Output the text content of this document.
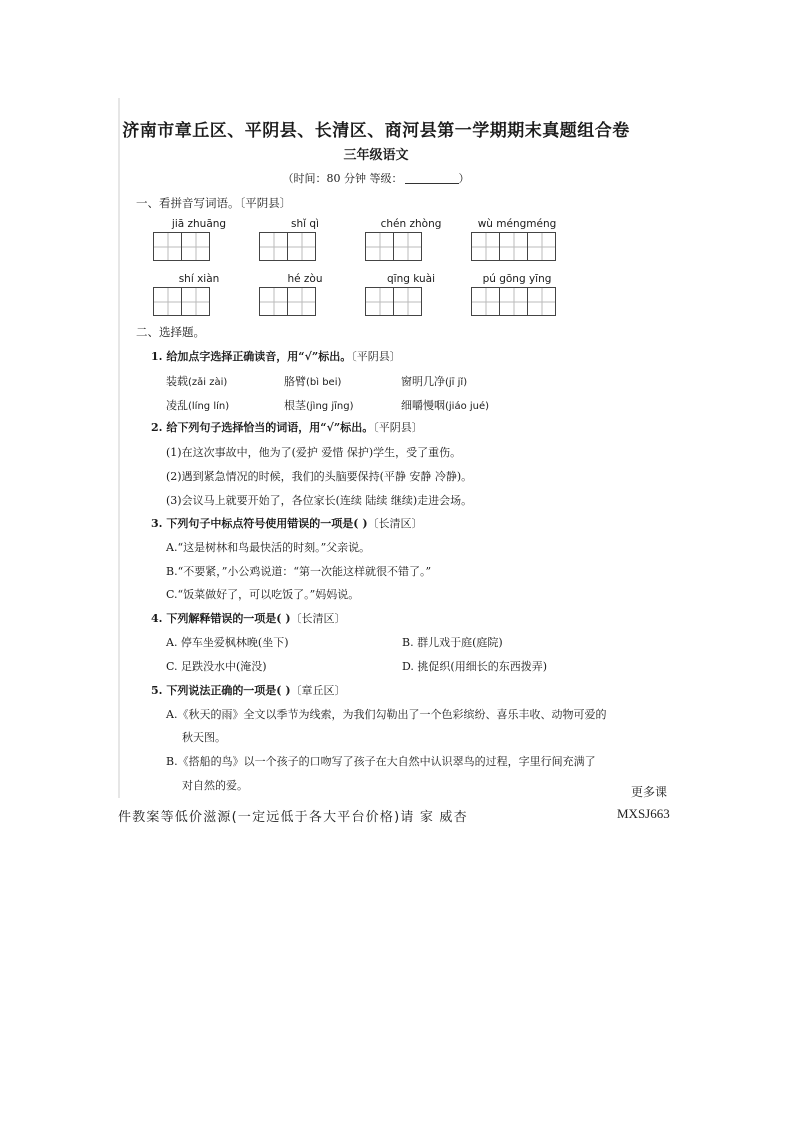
济南市章丘区、平阴县、长清区、商河县第一学期期末真题组合卷
三年级语文
（时间：80 分钟 等级：	）
一、看拼音写词语。〔平阴县〕
jiā zhuāng	shǐ qì	chén zhòng	wù méngméng
shí xiàn	hé zòu	qīng kuài	pú gōng yīng
二、选择题。
1. 给加点字选择正确读音，用“√”标出。〔平阴县〕
装载(zǎi zài)	胳臂(bì bei)	窗明几净(jī jǐ)
凌乱(líng lín)	根茎(jìng jīng)	细嚼慢咽(jiáo jué)
2. 给下列句子选择恰当的词语，用“√”标出。〔平阴县〕
(1)在这次事故中，他为了(爱护 爱惜 保护)学生，受了重伤。
(2)遇到紧急情况的时候，我们的头脑要保持(平静 安静 冷静)。
(3)会议马上就要开始了，各位家长(连续 陆续 继续)走进会场。
3. 下列句子中标点符号使用错误的一项是( )〔长清区〕
A.“这是树林和鸟最快活的时刻。”父亲说。
B.“不要紧，”小公鸡说道：“第一次能这样就很不错了。”
C.“饭菜做好了，可以吃饭了。”妈妈说。
4. 下列解释错误的一项是( )〔长清区〕
A. 停车坐爱枫林晚(坐下)	B. 群儿戏于庭(庭院)
C. 足跌没水中(淹没)	D. 挑促织(用细长的东西拨弄)
5. 下列说法正确的一项是( )〔章丘区〕
A.《秋天的雨》全文以季节为线索，为我们勾勒出了一个色彩缤纷、喜乐丰收、动物可爱的
秋天图。
B.《搭船的鸟》以一个孩子的口吻写了孩子在大自然中认识翠鸟的过程，字里行间充满了
对自然的爱。	更多课
件教案等低价滋源(一定远低于各大平台价格)请 家 威杏	MXSJ663
